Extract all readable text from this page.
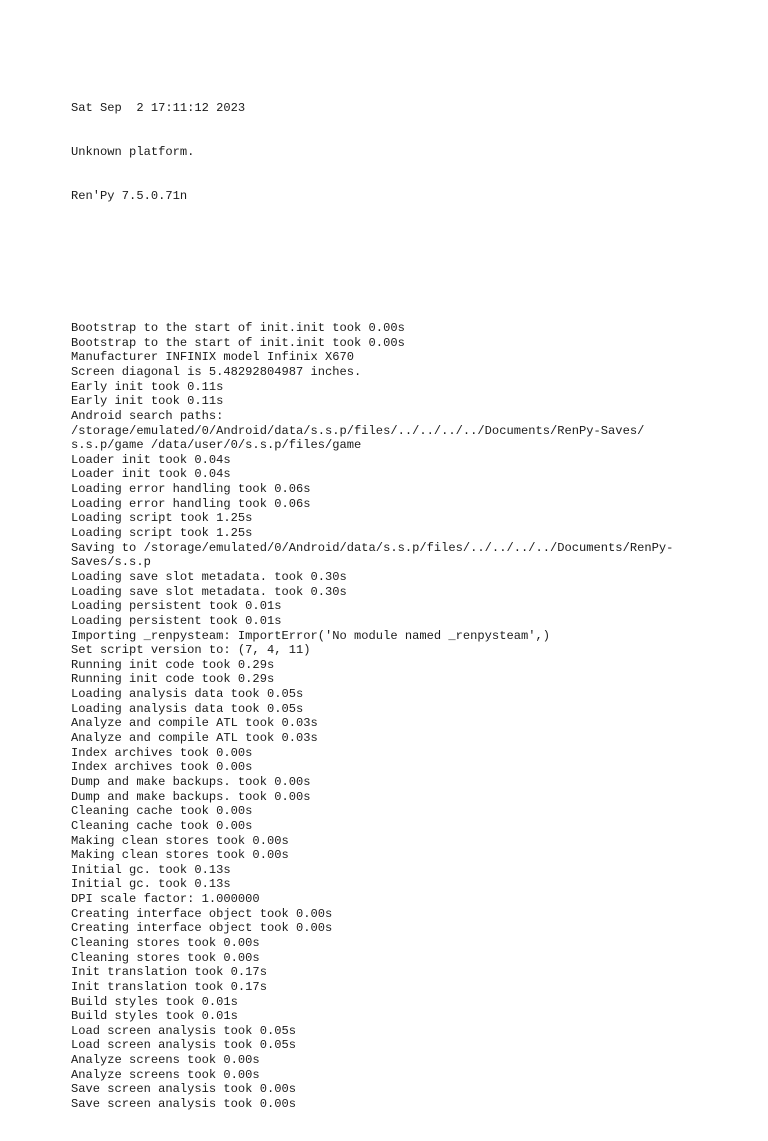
Sat Sep  2 17:11:12 2023

Unknown platform.

Ren'Py 7.5.0.71n

Bootstrap to the start of init.init took 0.00s
Bootstrap to the start of init.init took 0.00s
Manufacturer INFINIX model Infinix X670
Screen diagonal is 5.48292804987 inches.
Early init took 0.11s
Early init took 0.11s
Android search paths:
/storage/emulated/0/Android/data/s.s.p/files/../../../../Documents/RenPy-Saves/
s.s.p/game /data/user/0/s.s.p/files/game
Loader init took 0.04s
Loader init took 0.04s
Loading error handling took 0.06s
Loading error handling took 0.06s
Loading script took 1.25s
Loading script took 1.25s
Saving to /storage/emulated/0/Android/data/s.s.p/files/../../../../Documents/RenPy-
Saves/s.s.p
Loading save slot metadata. took 0.30s
Loading save slot metadata. took 0.30s
Loading persistent took 0.01s
Loading persistent took 0.01s
Importing _renpysteam: ImportError('No module named _renpysteam',)
Set script version to: (7, 4, 11)
Running init code took 0.29s
Running init code took 0.29s
Loading analysis data took 0.05s
Loading analysis data took 0.05s
Analyze and compile ATL took 0.03s
Analyze and compile ATL took 0.03s
Index archives took 0.00s
Index archives took 0.00s
Dump and make backups. took 0.00s
Dump and make backups. took 0.00s
Cleaning cache took 0.00s
Cleaning cache took 0.00s
Making clean stores took 0.00s
Making clean stores took 0.00s
Initial gc. took 0.13s
Initial gc. took 0.13s
DPI scale factor: 1.000000
Creating interface object took 0.00s
Creating interface object took 0.00s
Cleaning stores took 0.00s
Cleaning stores took 0.00s
Init translation took 0.17s
Init translation took 0.17s
Build styles took 0.01s
Build styles took 0.01s
Load screen analysis took 0.05s
Load screen analysis took 0.05s
Analyze screens took 0.00s
Analyze screens took 0.00s
Save screen analysis took 0.00s
Save screen analysis took 0.00s
